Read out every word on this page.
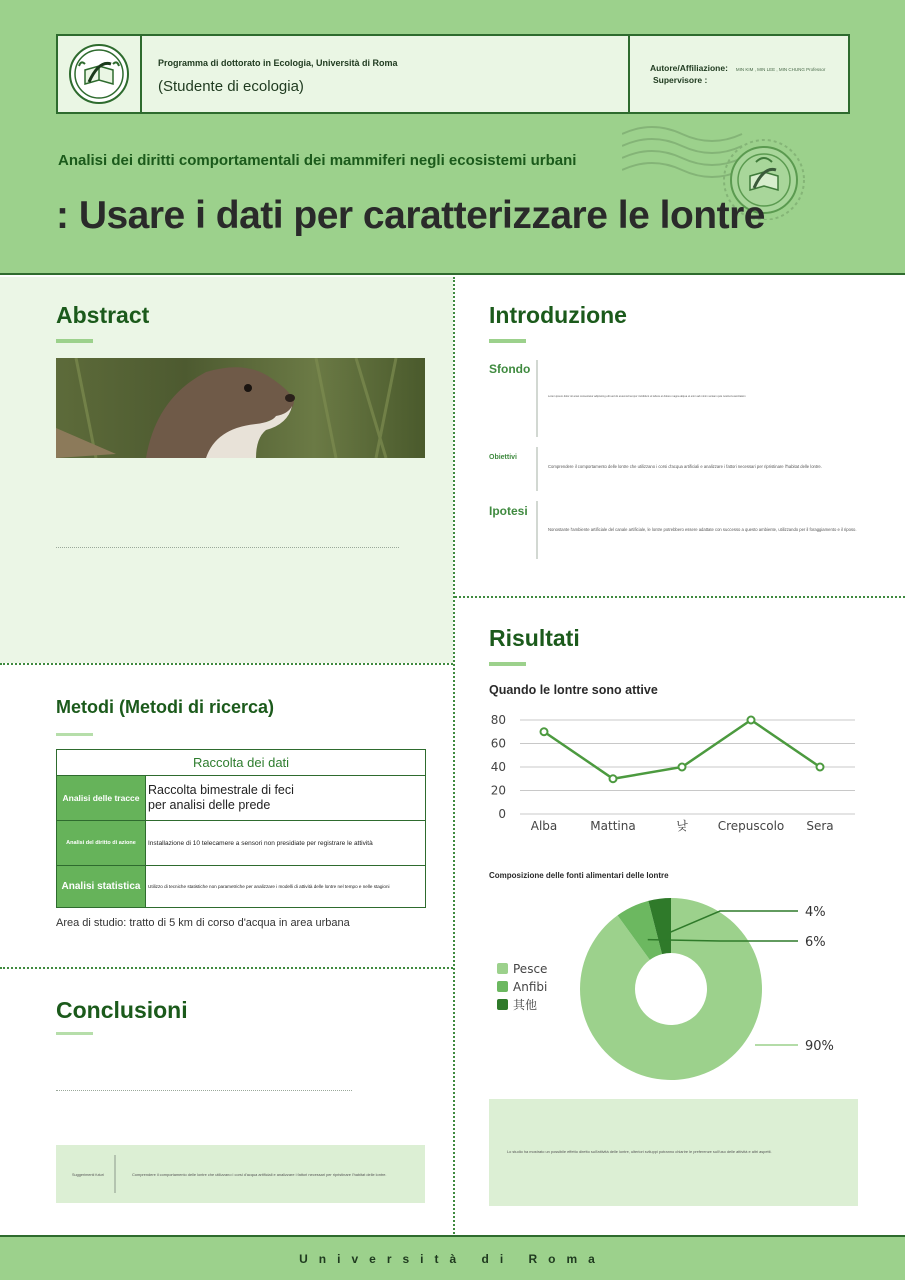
Programma di dottorato in Ecologia, Università di Roma
(Studente di ecologia)
Autore/Affiliazione:
Supervisore :
MIN KIM , MIN LEE , MIN CHUNG Professor
Analisi dei diritti comportamentali dei mammiferi negli ecosistemi urbani
: Usare i dati per caratterizzare le lontre
Abstract	Introduzione
Sfondo
Lorem ipsum dolor sit amet consectetur adipiscing elit sed do eiusmod tempor incididunt ut labore et dolore magna aliqua ut enim ad minim veniam quis nostrud exercitation
Obiettivi
Comprendere il comportamento delle lontre che utilizzano i corsi d'acqua artificiali e analizzare i fattori necessari per ripristinare l'habitat delle lontre.
Ipotesi
Nonostante l'ambiente artificiale del canale artificiale, le lontre potrebbero essere adattate con successo a questo ambiente, utilizzando per il foraggiamento e il riposo.
Metodi (Metodi di ricerca)
Raccolta dei dati	
Analisi delle tracce	Raccolta bimestrale di feci
per analisi delle prede

Analisi del diritto di azione	Installazione di 10 telecamere a sensori non presidiate per registrare le attività
Analisi statistica	Utilizzo di tecniche statistiche non parametriche per analizzare i modelli di attività delle lontre nel tempo e nelle stagioni
Area di studio: tratto di 5 km di corso d'acqua in area urbana
Conclusioni
Suggerimenti futuri	Comprendere il comportamento delle lontre che utilizzano i corsi d'acqua artificiali e analizzare i fattori necessari per ripristinare l'habitat delle lontre.
Risultati
Quando le lontre sono attive
0
20
40
60
80
Alba	Mattina	낮 Crepuscolo Sera
Composizione delle fonti alimentari delle lontre
90%
6%
4%
Pesce
Anfibi
其他
Lo studio ha mostrato un possibile effetto diretto sull'attività delle lontre, ulteriori sviluppi potranno chiarire le preferenze sull'uso delle attività e altri aspetti.
Università di Roma
